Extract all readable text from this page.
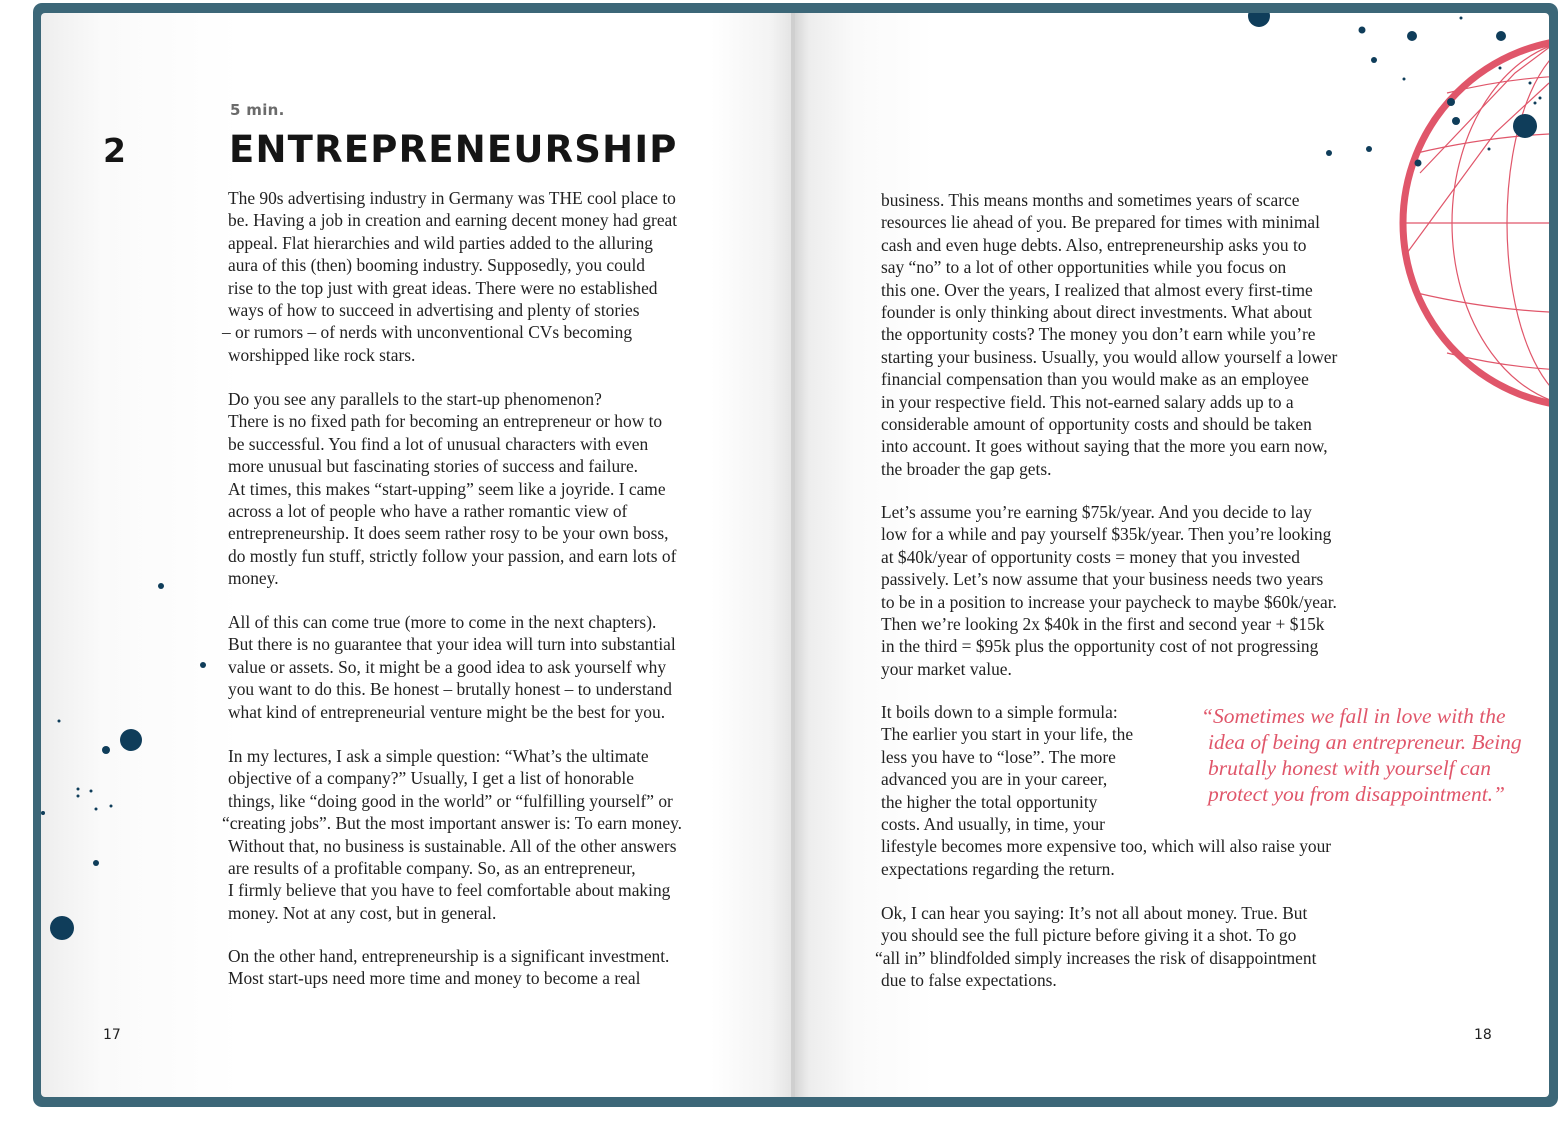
5 min.
2	ENTREPRENEURSHIP
The 90s advertising industry in Germany was THE cool place to
be. Having a job in creation and earning decent money had great
appeal. Flat hierarchies and wild parties added to the alluring
aura of this (then) booming industry. Supposedly, you could
rise to the top just with great ideas. There were no established
ways of how to succeed in advertising and plenty of stories
– or rumors – of nerds with unconventional CVs becoming
worshipped like rock stars.
Do you see any parallels to the start-up phenomenon?
There is no fixed path for becoming an entrepreneur or how to
be successful. You find a lot of unusual characters with even
more unusual but fascinating stories of success and failure.
At times, this makes “start-upping” seem like a joyride. I came
across a lot of people who have a rather romantic view of
entrepreneurship. It does seem rather rosy to be your own boss,
do mostly fun stuff, strictly follow your passion, and earn lots of
money.
All of this can come true (more to come in the next chapters).
But there is no guarantee that your idea will turn into substantial
value or assets. So, it might be a good idea to ask yourself why
you want to do this. Be honest – brutally honest – to understand
what kind of entrepreneurial venture might be the best for you.
In my lectures, I ask a simple question: “What’s the ultimate
objective of a company?” Usually, I get a list of honorable
things, like “doing good in the world” or “fulfilling yourself” or
“creating jobs”. But the most important answer is: To earn money.
Without that, no business is sustainable. All of the other answers
are results of a profitable company. So, as an entrepreneur,
I firmly believe that you have to feel comfortable about making
money. Not at any cost, but in general.
On the other hand, entrepreneurship is a significant investment.
Most start-ups need more time and money to become a real
17
business. This means months and sometimes years of scarce
resources lie ahead of you. Be prepared for times with minimal
cash and even huge debts. Also, entrepreneurship asks you to
say “no” to a lot of other opportunities while you focus on
this one. Over the years, I realized that almost every first-time
founder is only thinking about direct investments. What about
the opportunity costs? The money you don’t earn while you’re
starting your business. Usually, you would allow yourself a lower
financial compensation than you would make as an employee
in your respective field. This not-earned salary adds up to a
considerable amount of opportunity costs and should be taken
into account. It goes without saying that the more you earn now,
the broader the gap gets.
Let’s assume you’re earning $75k/year. And you decide to lay
low for a while and pay yourself $35k/year. Then you’re looking
at $40k/year of opportunity costs = money that you invested
passively. Let’s now assume that your business needs two years
to be in a position to increase your paycheck to maybe $60k/year.
Then we’re looking 2x $40k in the first and second year + $15k
in the third = $95k plus the opportunity cost of not progressing
your market value.
It boils down to a simple formula:
The earlier you start in your life, the
less you have to “lose”. The more
advanced you are in your career,
the higher the total opportunity
costs. And usually, in time, your
lifestyle becomes more expensive too, which will also raise your
expectations regarding the return.
“Sometimes we fall in love with the
idea of being an entrepreneur. Being
brutally honest with yourself can
protect you from disappointment.”
Ok, I can hear you saying: It’s not all about money. True. But
you should see the full picture before giving it a shot. To go
“all in” blindfolded simply increases the risk of disappointment
due to false expectations.
18
